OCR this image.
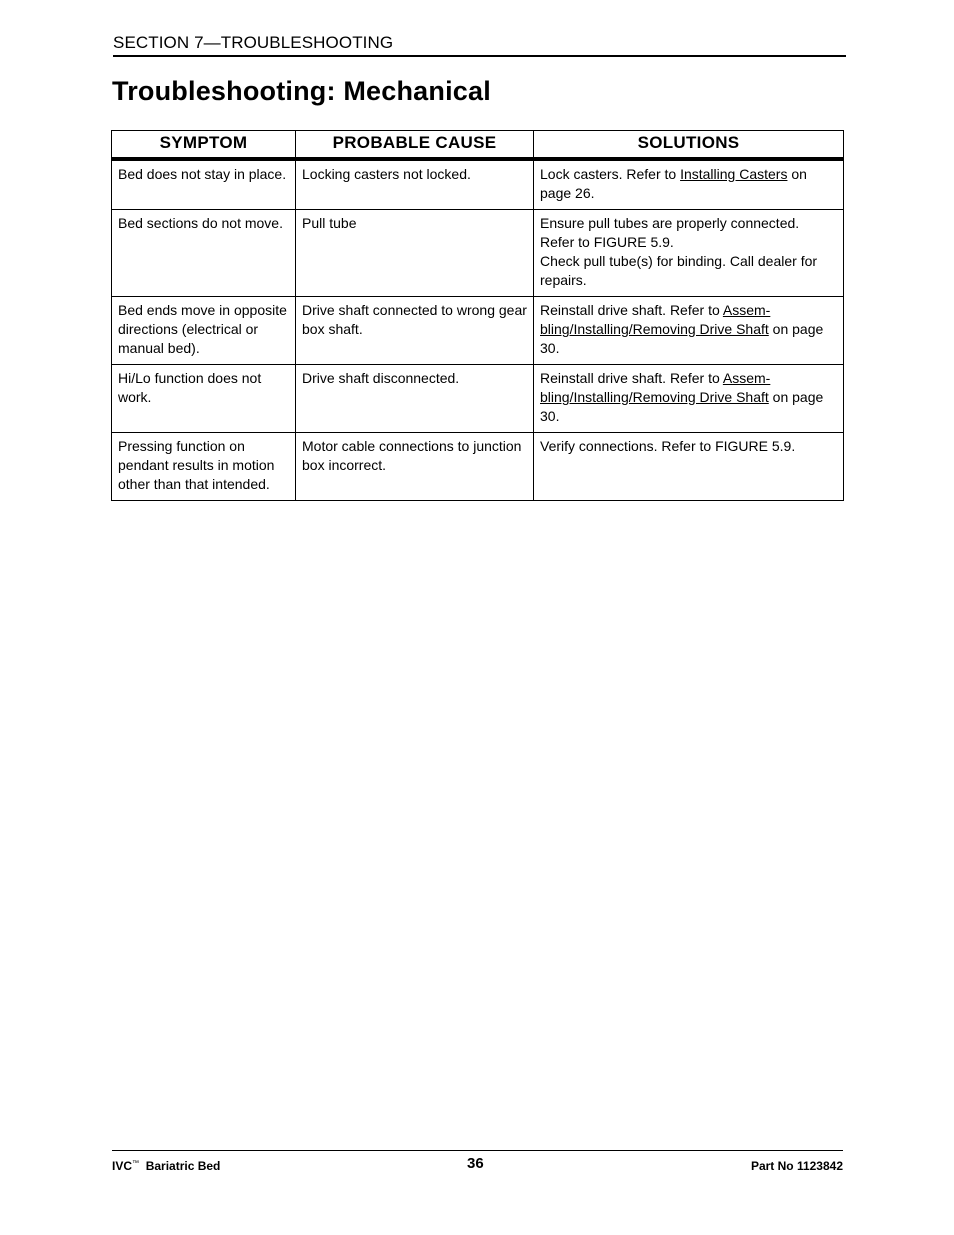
SECTION 7—TROUBLESHOOTING
Troubleshooting: Mechanical
SYMPTOM	PROBABLE CAUSE	SOLUTIONS

Bed does not stay in place.	Locking casters not locked.	Lock casters. Refer to Installing Casters on page 26.
Bed sections do not move.	Pull tube	Ensure pull tubes are properly connected. Refer to FIGURE 5.9.
Check pull tube(s) for binding. Call dealer for repairs.
Bed ends move in opposite directions (electrical or manual bed).	Drive shaft connected to wrong gear box shaft.	Reinstall drive shaft. Refer to Assem-
bling/Installing/Removing Drive Shaft on page 30.
Hi/Lo function does not work.	Drive shaft disconnected.	Reinstall drive shaft. Refer to Assem-
bling/Installing/Removing Drive Shaft on page 30.
Pressing function on pendant results in motion other than that intended.	Motor cable connections to junction box incorrect.	Verify connections. Refer to FIGURE 5.9.
IVC™ Bariatric Bed	36	Part No 1123842
